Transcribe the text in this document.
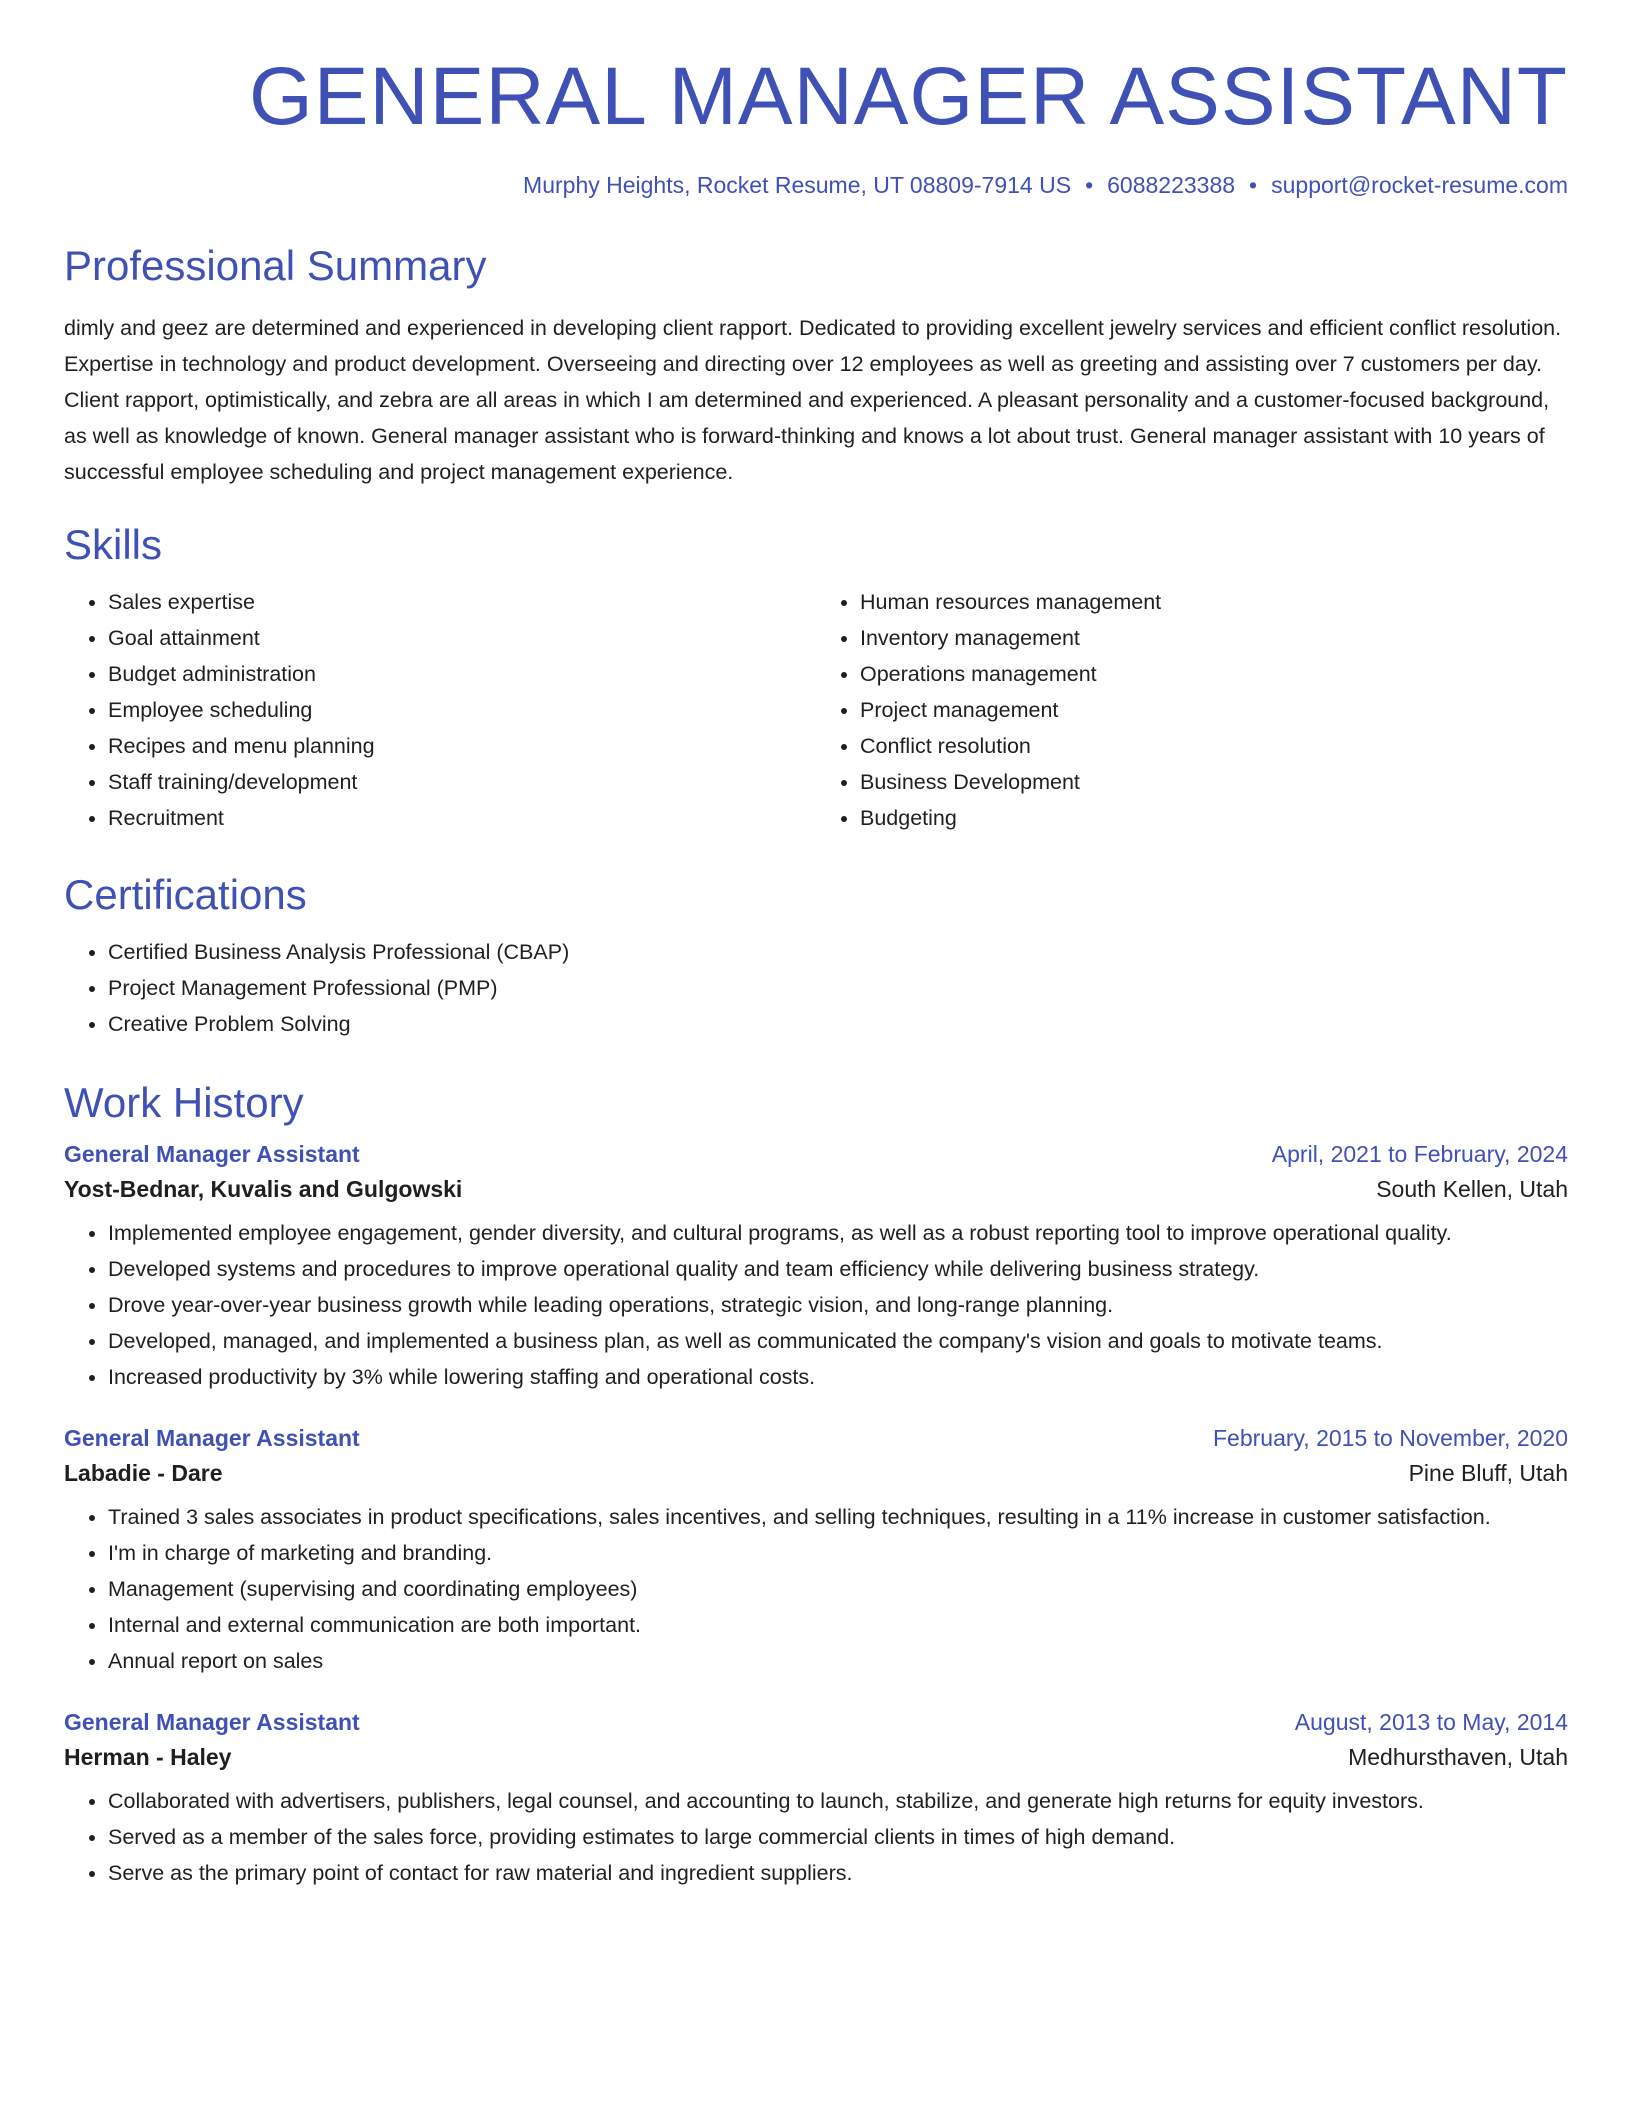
GENERAL MANAGER ASSISTANT
Murphy Heights, Rocket Resume, UT 08809-7914 US • 6088223388 • support@rocket-resume.com
Professional Summary

dimly and geez are determined and experienced in developing client rapport. Dedicated to providing excellent jewelry services and efficient conflict resolution. Expertise in technology and product development. Overseeing and directing over 12 employees as well as greeting and assisting over 7 customers per day. Client rapport, optimistically, and zebra are all areas in which I am determined and experienced. A pleasant personality and a customer-focused background, as well as knowledge of known. General manager assistant who is forward-thinking and knows a lot about trust. General manager assistant with 10 years of successful employee scheduling and project management experience.

Skills
• Sales expertise
• Goal attainment
• Budget administration
• Employee scheduling
• Recipes and menu planning
• Staff training/development
• Recruitment
• Human resources management
• Inventory management
• Operations management
• Project management
• Conflict resolution
• Business Development
• Budgeting
Certifications
• Certified Business Analysis Professional (CBAP)
• Project Management Professional (PMP)
• Creative Problem Solving
Work History
General Manager Assistant	April, 2021 to February, 2024
Yost-Bednar, Kuvalis and Gulgowski	South Kellen, Utah
• Implemented employee engagement, gender diversity, and cultural programs, as well as a robust reporting tool to improve operational quality.
• Developed systems and procedures to improve operational quality and team efficiency while delivering business strategy.
• Drove year-over-year business growth while leading operations, strategic vision, and long-range planning.
• Developed, managed, and implemented a business plan, as well as communicated the company's vision and goals to motivate teams.
• Increased productivity by 3% while lowering staffing and operational costs.
General Manager Assistant	February, 2015 to November, 2020
Labadie - Dare	Pine Bluff, Utah
• Trained 3 sales associates in product specifications, sales incentives, and selling techniques, resulting in a 11% increase in customer satisfaction.
• I'm in charge of marketing and branding.
• Management (supervising and coordinating employees)
• Internal and external communication are both important.
• Annual report on sales
General Manager Assistant	August, 2013 to May, 2014
Herman - Haley	Medhursthaven, Utah
• Collaborated with advertisers, publishers, legal counsel, and accounting to launch, stabilize, and generate high returns for equity investors.
• Served as a member of the sales force, providing estimates to large commercial clients in times of high demand.
• Serve as the primary point of contact for raw material and ingredient suppliers.
